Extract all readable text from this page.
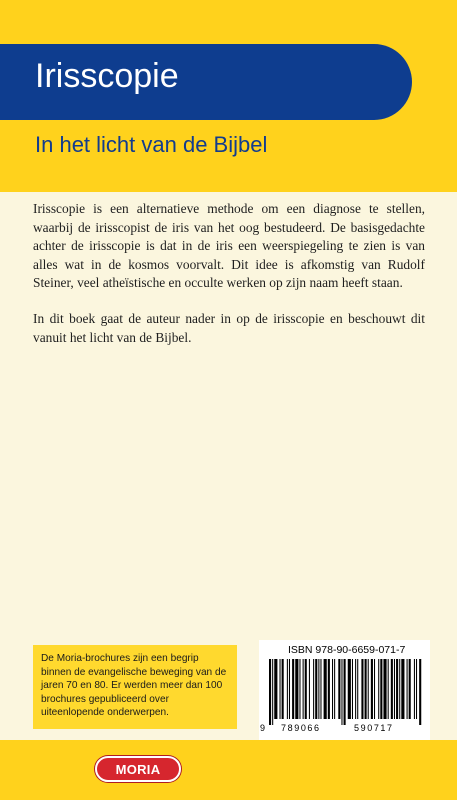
Irisscopie
In het licht van de Bijbel

Irisscopie is een alternatieve methode om een diagnose te stellen, waarbij de irisscopist de iris van het oog bestudeerd. De basisgedachte achter de irisscopie is dat in de iris een weerspiegeling te zien is van alles wat in de kosmos voorvalt. Dit idee is afkomstig van Rudolf Steiner, veel atheïstische en occulte werken op zijn naam heeft staan.

In dit boek gaat de auteur nader in op de irisscopie en beschouwt dit vanuit het licht van de Bijbel.

De Moria-brochures zijn een begrip binnen de evangelische beweging van de jaren 70 en 80. Er werden meer dan 100 brochures gepubliceerd over uiteenlopende onderwerpen.
ISBN 978-90-6659-071-7
9 789066	590717
MORIA
